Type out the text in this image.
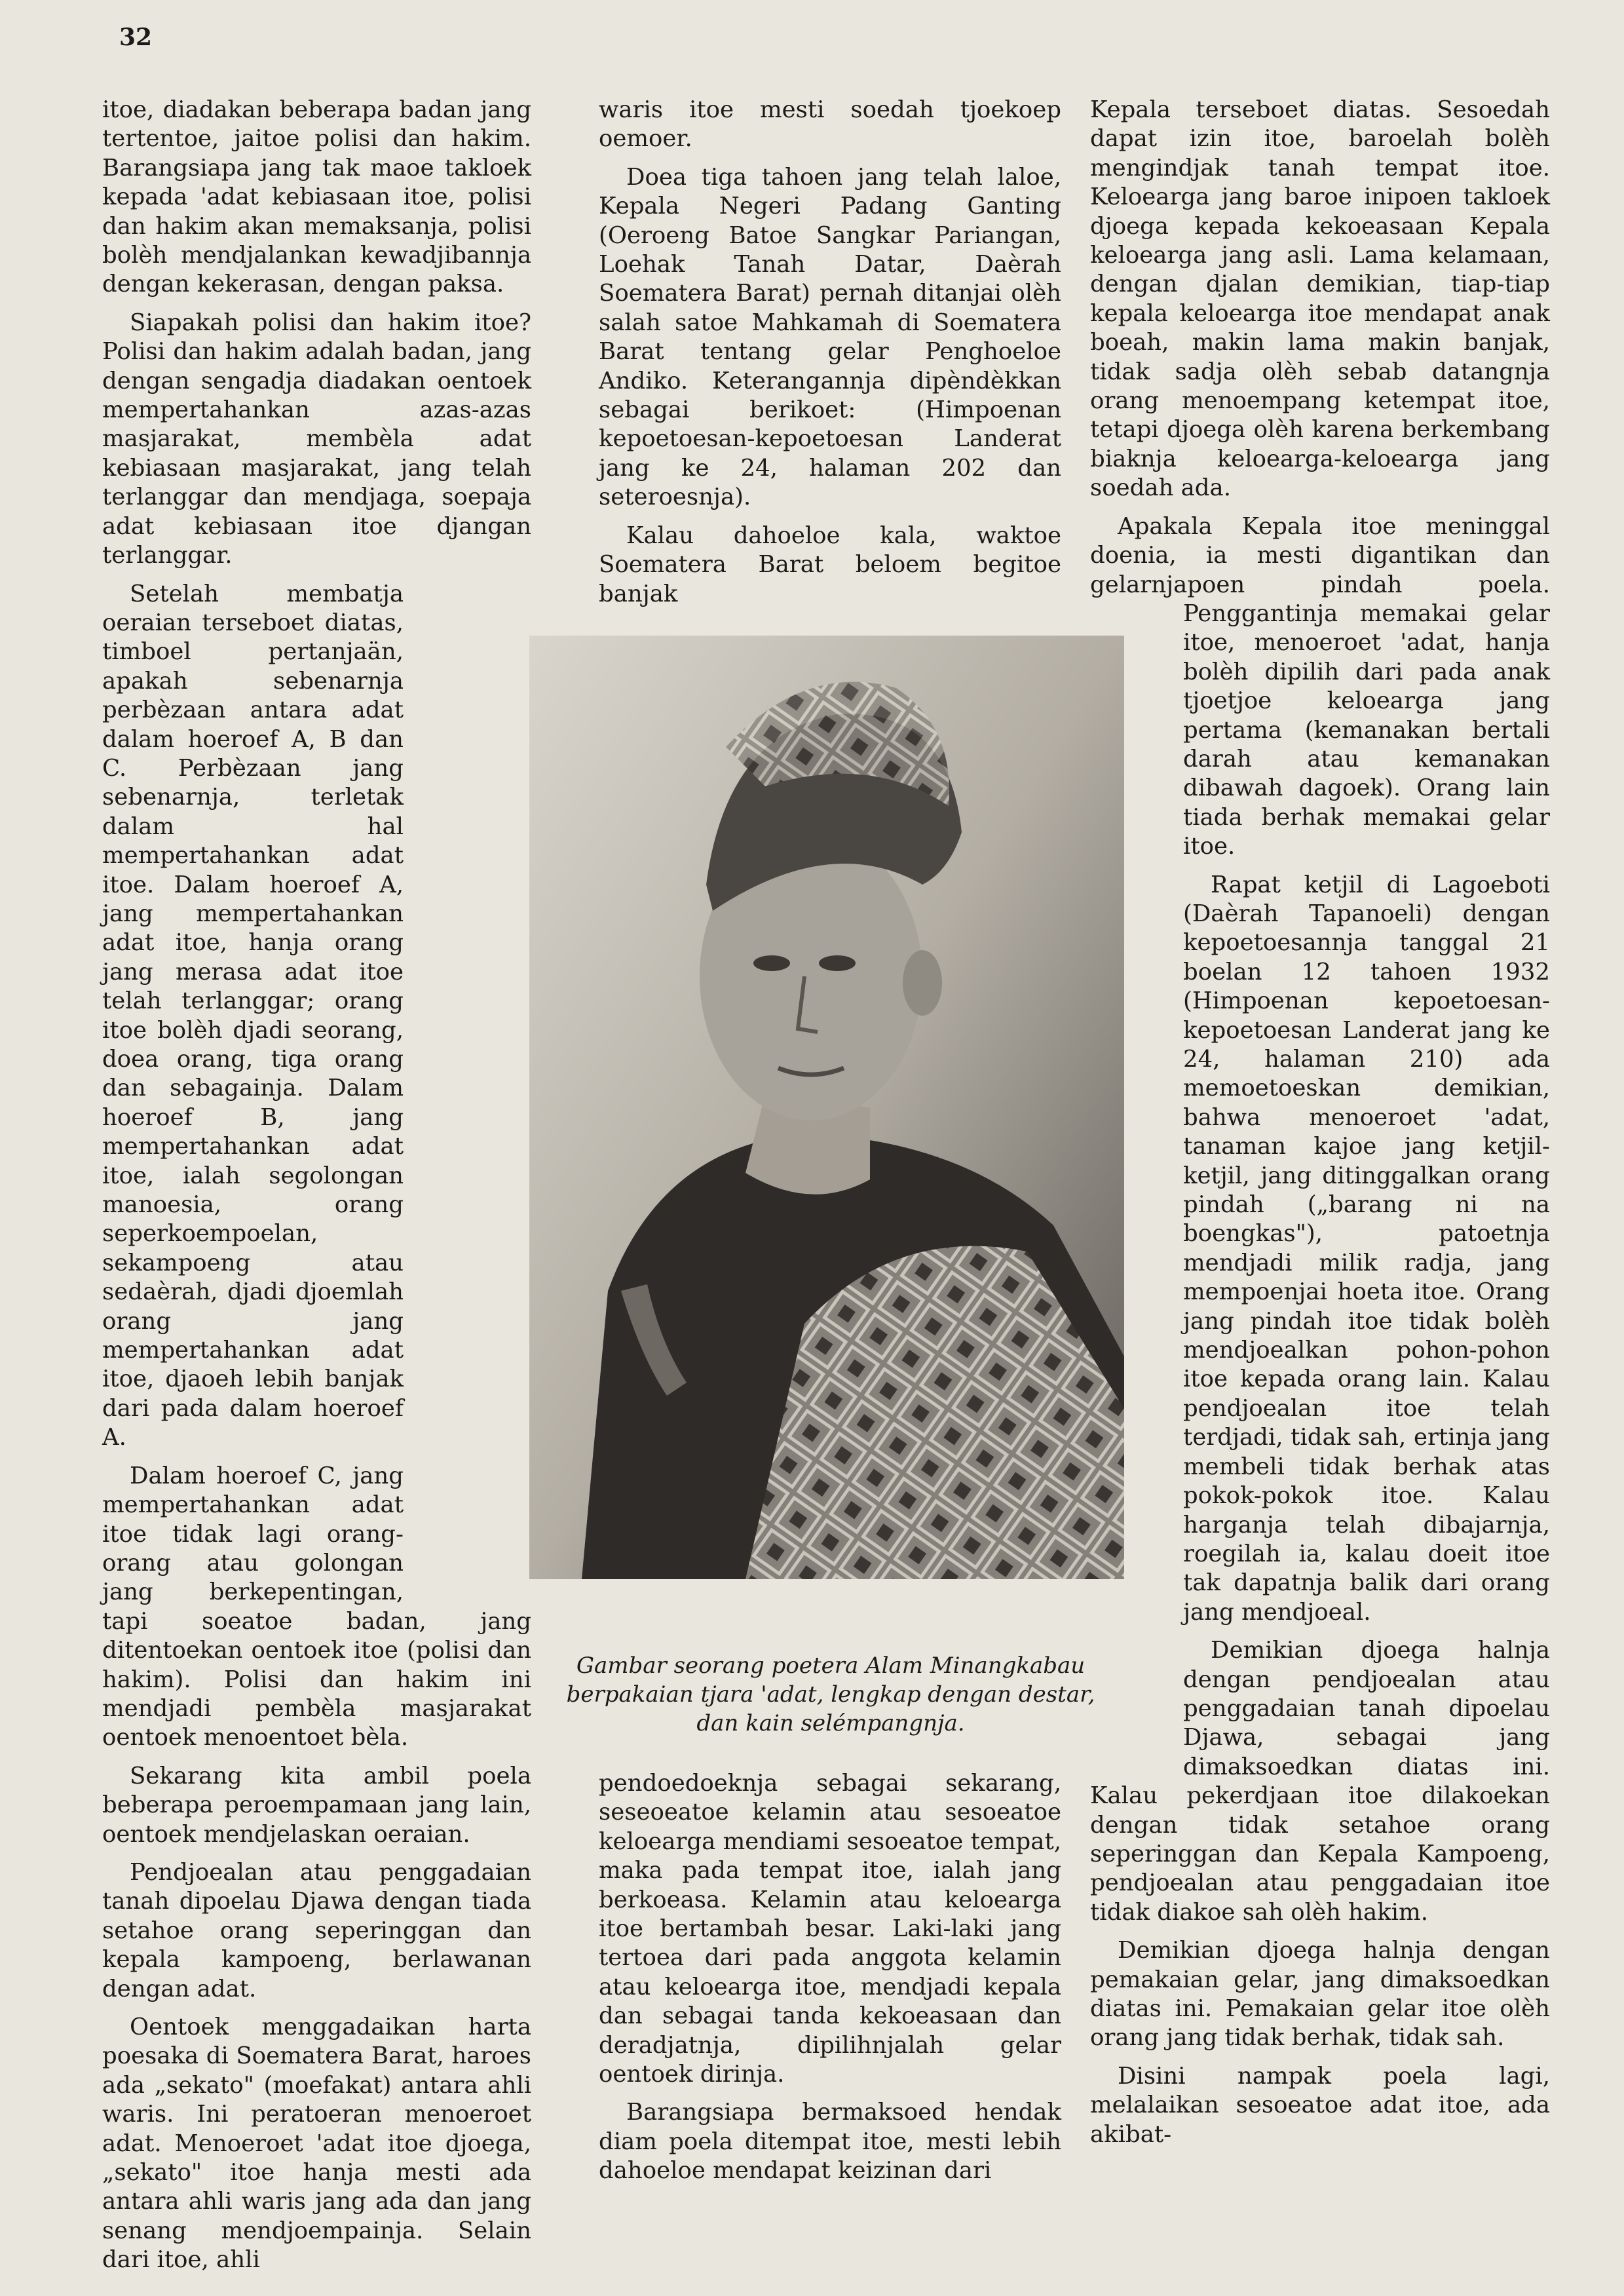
32

itoe, diadakan beberapa badan jang tertentoe, jaitoe polisi dan hakim. Barangsiapa jang tak maoe takloek kepada 'adat kebiasaan itoe, polisi dan hakim akan memaksanja, polisi bolèh mendjalankan kewadjibannja dengan kekerasan, dengan paksa.

Siapakah polisi dan hakim itoe? Polisi dan hakim adalah badan, jang dengan sengadja diadakan oentoek mempertahankan azas-azas masjarakat, membèla adat kebiasaan masjarakat, jang telah terlanggar dan mendjaga, soepaja adat kebiasaan itoe djangan terlanggar.

Setelah membatja oeraian terseboet diatas, timboel pertanjaän, apakah sebenarnja perbèzaan antara adat dalam hoeroef A, B dan C. Perbèzaan jang sebenarnja, terletak dalam hal mempertahankan adat itoe. Dalam hoeroef A, jang mempertahankan adat itoe, hanja orang jang merasa adat itoe telah terlanggar; orang itoe bolèh djadi seorang, doea orang, tiga orang dan sebagainja. Dalam hoeroef B, jang mempertahankan adat itoe, ialah segolongan manoesia, orang seperkoempoelan, sekampoeng atau sedaèrah, djadi djoemlah orang jang mempertahankan adat itoe, djaoeh lebih banjak dari pada dalam hoeroef A.

Dalam hoeroef C, jang mempertahankan adat itoe tidak lagi orang-orang atau golongan jang berkepentingan, tapi soeatoe badan, jang ditentoekan oentoek itoe (polisi dan hakim). Polisi dan hakim ini mendjadi pembèla masjarakat oentoek menoentoet bèla.

Sekarang kita ambil poela beberapa peroempamaan jang lain, oentoek mendjelaskan oeraian.

Pendjoealan atau penggadaian tanah dipoelau Djawa dengan tiada setahoe orang seperinggan dan kepala kampoeng, berlawanan dengan adat.

Oentoek menggadaikan harta poesaka di Soematera Barat, haroes ada „sekato" (moefakat) antara ahli waris. Ini peratoeran menoeroet adat. Menoeroet 'adat itoe djoega, „sekato" itoe hanja mesti ada antara ahli waris jang ada dan jang senang mendjoempainja. Selain dari itoe, ahli

waris itoe mesti soedah tjoekoep oemoer.

Doea tiga tahoen jang telah laloe, Kepala Negeri Padang Ganting (Oeroeng Batoe Sangkar Pariangan, Loehak Tanah Datar, Daèrah Soematera Barat) pernah ditanjai olèh salah satoe Mahkamah di Soematera Barat tentang gelar Penghoeloe Andiko. Keterangannja dipèndèkkan sebagai berikoet: (Himpoenan kepoetoesan-kepoetoesan Landerat jang ke 24, halaman 202 dan seteroesnja).

Kalau dahoeloe kala, waktoe Soematera Barat beloem begitoe banjak

Gambar seorang poetera Alam Minangkabau berpakaian tjara 'adat, lengkap dengan destar, dan kain selémpangnja.

pendoedoeknja sebagai sekarang, seseoeatoe kelamin atau sesoeatoe keloearga mendiami sesoeatoe tempat, maka pada tempat itoe, ialah jang berkoeasa. Kelamin atau keloearga itoe bertambah besar. Laki-laki jang tertoea dari pada anggota kelamin atau keloearga itoe, mendjadi kepala dan sebagai tanda kekoeasaan dan deradjatnja, dipilihnjalah gelar oentoek dirinja.

Barangsiapa bermaksoed hendak diam poela ditempat itoe, mesti lebih dahoeloe mendapat keizinan dari

Kepala terseboet diatas. Sesoedah dapat izin itoe, baroelah bolèh mengindjak tanah tempat itoe. Keloearga jang baroe inipoen takloek djoega kepada kekoeasaan Kepala keloearga jang asli. Lama kelamaan, dengan djalan demikian, tiap-tiap kepala keloearga itoe mendapat anak boeah, makin lama makin banjak, tidak sadja olèh sebab datangnja orang menoempang ketempat itoe, tetapi djoega olèh karena berkembang biaknja keloearga-keloearga jang soedah ada.

Apakala Kepala itoe meninggal doenia, ia mesti digantikan dan gelarnjapoen pindah poela. Penggantinja memakai gelar itoe, menoeroet 'adat, hanja bolèh dipilih dari pada anak tjoetjoe keloearga jang pertama (kemanakan bertali darah atau kemanakan dibawah dagoek). Orang lain tiada berhak memakai gelar itoe.

Rapat ketjil di Lagoeboti (Daèrah Tapanoeli) dengan kepoetoesannja tanggal 21 boelan 12 tahoen 1932 (Himpoenan kepoetoesan-kepoetoesan Landerat jang ke 24, halaman 210) ada memoetoeskan demikian, bahwa menoeroet 'adat, tanaman kajoe jang ketjil-ketjil, jang ditinggalkan orang pindah („barang ni na boengkas"), patoetnja mendjadi milik radja, jang mempoenjai hoeta itoe. Orang jang pindah itoe tidak bolèh mendjoealkan pohon-pohon itoe kepada orang lain. Kalau pendjoealan itoe telah terdjadi, tidak sah, ertinja jang membeli tidak berhak atas pokok-pokok itoe. Kalau harganja telah dibajarnja, roegilah ia, kalau doeit itoe tak dapatnja balik dari orang jang mendjoeal.

Demikian djoega halnja dengan pendjoealan atau penggadaian tanah dipoelau Djawa, sebagai jang dimaksoedkan diatas ini. Kalau pekerdjaan itoe dilakoekan dengan tidak setahoe orang seperinggan dan Kepala Kampoeng, pendjoealan atau penggadaian itoe tidak diakoe sah olèh hakim.

Demikian djoega halnja dengan pemakaian gelar, jang dimaksoedkan diatas ini. Pemakaian gelar itoe olèh orang jang tidak berhak, tidak sah.

Disini nampak poela lagi, melalaikan sesoeatoe adat itoe, ada akibat-
